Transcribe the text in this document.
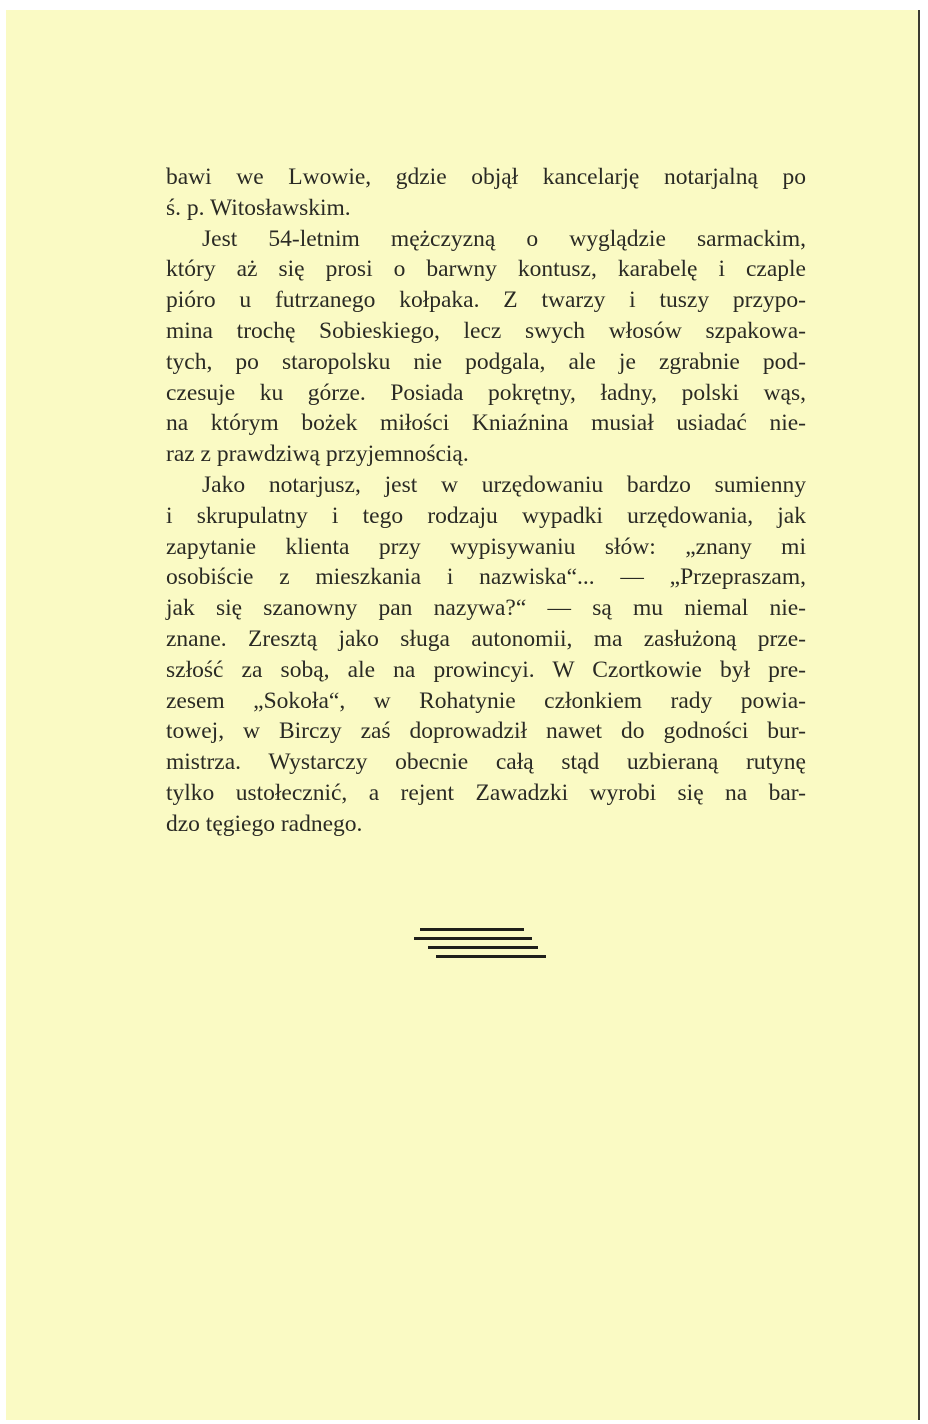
bawi we Lwowie, gdzie objął kancelarję notarjalną po
ś. p. Witosławskim.
Jest 54-letnim mężczyzną o wyglądzie sarmackim,
który aż się prosi o barwny kontusz, karabelę i czaple
pióro u futrzanego kołpaka. Z twarzy i tuszy przypo-
mina trochę Sobieskiego, lecz swych włosów szpakowa-
tych, po staropolsku nie podgala, ale je zgrabnie pod-
czesuje ku górze. Posiada pokrętny, ładny, polski wąs,
na którym bożek miłości Kniaźnina musiał usiadać nie-
raz z prawdziwą przyjemnością.
Jako notarjusz, jest w urzędowaniu bardzo sumienny
i skrupulatny i tego rodzaju wypadki urzędowania, jak
zapytanie klienta przy wypisywaniu słów: „znany mi
osobiście z mieszkania i nazwiska“... — „Przepraszam,
jak się szanowny pan nazywa?“ — są mu niemal nie-
znane. Zresztą jako sługa autonomii, ma zasłużoną prze-
szłość za sobą, ale na prowincyi. W Czortkowie był pre-
zesem „Sokoła“, w Rohatynie członkiem rady powia-
towej, w Birczy zaś doprowadził nawet do godności bur-
mistrza. Wystarczy obecnie całą stąd uzbieraną rutynę
tylko ustołecznić, a rejent Zawadzki wyrobi się na bar-
dzo tęgiego radnego.
